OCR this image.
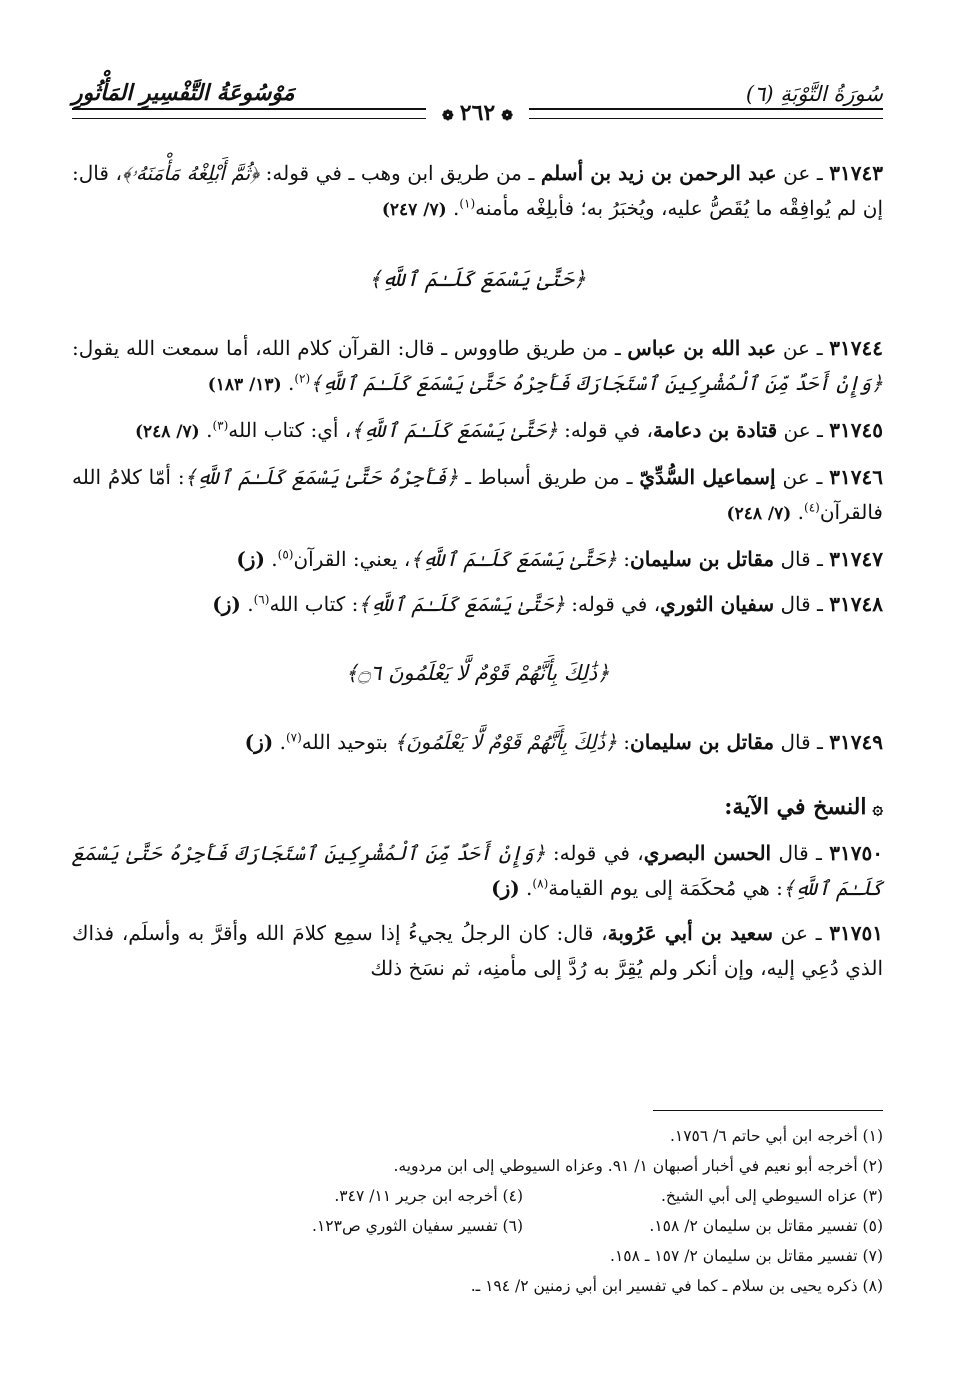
سُورَةُ التَّوْبَةِ (٦)
مَوْسُوعَةُ التَّفْسِيرِ المَأْثُورِ
❁٢٦٢❁

٣١٧٤٣ ـ عن عبد الرحمن بن زيد بن أسلم ـ من طريق ابن وهب ـ في قوله: ﴿ثُمَّ أَبْلِغْهُ مَأْمَنَهُۥ﴾، قال: إن لم يُوافِقْه ما يُقَصُّ عليه، ويُخبَرُ به؛ فأبلِغْه مأمنه$^{(١)}$. (٧/ ٢٤٧)

﴿حَتَّىٰ يَسْمَعَ كَلَـٰمَ ٱللَّهِ﴾

٣١٧٤٤ ـ عن عبد الله بن عباس ـ من طريق طاووس ـ قال: القرآن كلام الله، أما سمعت الله يقول: ﴿وَإِنْ أَحَدٌ مِّنَ ٱلْمُشْرِكِينَ ٱسْتَجَارَكَ فَأَجِرْهُ حَتَّىٰ يَسْمَعَ كَلَـٰمَ ٱللَّهِ﴾$^{(٢)}$. (١٣/ ١٨٣)

٣١٧٤٥ ـ عن قتادة بن دعامة، في قوله: ﴿حَتَّىٰ يَسْمَعَ كَلَـٰمَ ٱللَّهِ﴾، أي: كتاب الله$^{(٣)}$. (٧/ ٢٤٨)

٣١٧٤٦ ـ عن إسماعيل السُّدِّيّ ـ من طريق أسباط ـ ﴿فَأَجِرْهُ حَتَّىٰ يَسْمَعَ كَلَـٰمَ ٱللَّهِ﴾: أمّا كلامُ الله فالقرآن$^{(٤)}$. (٧/ ٢٤٨)

٣١٧٤٧ ـ قال مقاتل بن سليمان: ﴿حَتَّىٰ يَسْمَعَ كَلَـٰمَ ٱللَّهِ﴾، يعني: القرآن$^{(٥)}$. (ز)

٣١٧٤٨ ـ قال سفيان الثوري، في قوله: ﴿حَتَّىٰ يَسْمَعَ كَلَـٰمَ ٱللَّهِ﴾: كتاب الله$^{(٦)}$. (ز)

﴿ذَٰلِكَ بِأَنَّهُمْ قَوْمٌ لَّا يَعْلَمُونَ ۝٦﴾

٣١٧٤٩ ـ قال مقاتل بن سليمان: ﴿ذَٰلِكَ بِأَنَّهُمْ قَوْمٌ لَّا يَعْلَمُونَ﴾ بتوحيد الله$^{(٧)}$. (ز)

۞النسخ في الآية:

٣١٧٥٠ ـ قال الحسن البصري، في قوله: ﴿وَإِنْ أَحَدٌ مِّنَ ٱلْمُشْرِكِينَ ٱسْتَجَارَكَ فَأَجِرْهُ حَتَّىٰ يَسْمَعَ كَلَـٰمَ ٱللَّهِ﴾: هي مُحكَمَة إلى يوم القيامة$^{(٨)}$. (ز)

٣١٧٥١ ـ عن سعيد بن أبي عَرُوبة، قال: كان الرجلُ يجيءُ إذا سمِع كلامَ الله وأقرَّ به وأسلَم، فذاك الذي دُعِي إليه، وإن أنكر ولم يُقِرَّ به رُدَّ إلى مأمنِه، ثم نسَخ ذلك

(١) أخرجه ابن أبي حاتم ٦/ ١٧٥٦.
(٢) أخرجه أبو نعيم في أخبار أصبهان ١/ ٩١. وعزاه السيوطي إلى ابن مردويه.
(٣) عزاه السيوطي إلى أبي الشيخ.
(٤) أخرجه ابن جرير ١١/ ٣٤٧.
(٥) تفسير مقاتل بن سليمان ٢/ ١٥٨.
(٦) تفسير سفيان الثوري ص١٢٣.
(٧) تفسير مقاتل بن سليمان ٢/ ١٥٧ ـ ١٥٨.
(٨) ذكره يحيى بن سلام ـ كما في تفسير ابن أبي زمنين ٢/ ١٩٤ ـ.
